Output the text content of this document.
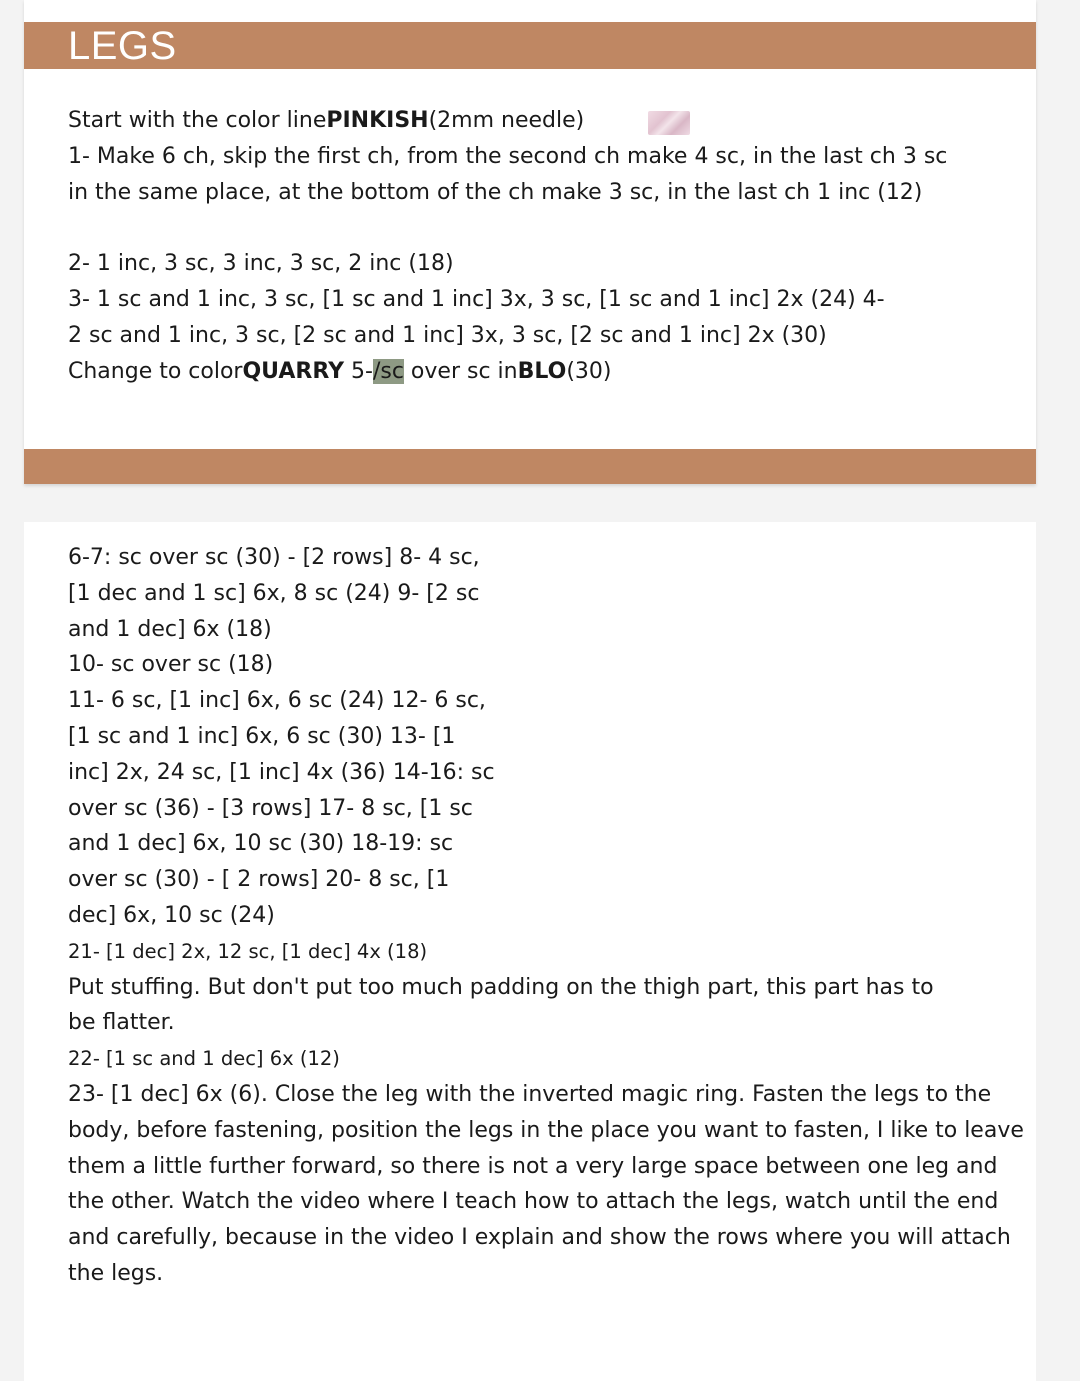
LEGS
Start with the color linePINKISH(2mm needle)
1- Make 6 ch, skip the first ch, from the second ch make 4 sc, in the last ch 3 sc
in the same place, at the bottom of the ch make 3 sc, in the last ch 1 inc (12)

2- 1 inc, 3 sc, 3 inc, 3 sc, 2 inc (18)
3- 1 sc and 1 inc, 3 sc, [1 sc and 1 inc] 3x, 3 sc, [1 sc and 1 inc] 2x (24) 4-
2 sc and 1 inc, 3 sc, [2 sc and 1 inc] 3x, 3 sc, [2 sc and 1 inc] 2x (30)
Change to colorQUARRY 5-/sc over sc inBLO(30)
6-7: sc over sc (30) - [2 rows] 8- 4 sc,
[1 dec and 1 sc] 6x, 8 sc (24) 9- [2 sc
and 1 dec] 6x (18)
10- sc over sc (18)
11- 6 sc, [1 inc] 6x, 6 sc (24) 12- 6 sc,
[1 sc and 1 inc] 6x, 6 sc (30) 13- [1
inc] 2x, 24 sc, [1 inc] 4x (36) 14-16: sc
over sc (36) - [3 rows] 17- 8 sc, [1 sc
and 1 dec] 6x, 10 sc (30) 18-19: sc
over sc (30) - [ 2 rows] 20- 8 sc, [1
dec] 6x, 10 sc (24)
21- [1 dec] 2x, 12 sc, [1 dec] 4x (18)
Put stuffing. But don't put too much padding on the thigh part, this part has to
be flatter.
22- [1 sc and 1 dec] 6x (12)
23- [1 dec] 6x (6). Close the leg with the inverted magic ring. Fasten the legs to the
body, before fastening, position the legs in the place you want to fasten, I like to leave
them a little further forward, so there is not a very large space between one leg and
the other. Watch the video where I teach how to attach the legs, watch until the end
and carefully, because in the video I explain and show the rows where you will attach
the legs.
